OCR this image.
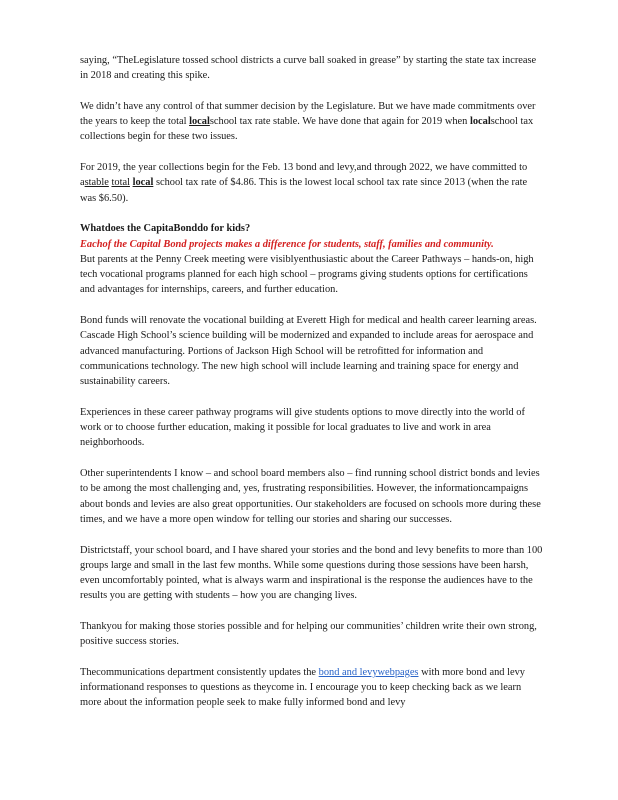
saying, “TheLegislature tossed school districts a curve ball soaked in grease” by starting the state tax increase in 2018 and creating this spike.

We didn’t have any control of that summer decision by the Legislature. But we have made commitments over the years to keep the total localschool tax rate stable. We have done that again for 2019 when localschool tax collections begin for these two issues.

For 2019, the year collections begin for the Feb. 13 bond and levy,and through 2022, we have committed to astable total local school tax rate of $4.86. This is the lowest local school tax rate since 2013 (when the rate was $6.50).

Whatdoes the CapitaBonddo for kids?
Eachof the Capital Bond projects makes a difference for students, staff, families and community.

But parents at the Penny Creek meeting were visiblyenthusiastic about the Career Pathways – hands-on, high tech vocational programs planned for each high school – programs giving students options for certifications and advantages for internships, careers, and further education.

Bond funds will renovate the vocational building at Everett High for medical and health career learning areas. Cascade High School’s science building will be modernized and expanded to include areas for aerospace and advanced manufacturing. Portions of Jackson High School will be retrofitted for information and communications technology. The new high school will include learning and training space for energy and sustainability careers.

Experiences in these career pathway programs will give students options to move directly into the world of work or to choose further education, making it possible for local graduates to live and work in area neighborhoods.

Other superintendents I know – and school board members also – find running school district bonds and levies to be among the most challenging and, yes, frustrating responsibilities. However, the informationcampaigns about bonds and levies are also great opportunities. Our stakeholders are focused on schools more during these times, and we have a more open window for telling our stories and sharing our successes.

Districtstaff, your school board, and I have shared your stories and the bond and levy benefits to more than 100 groups large and small in the last few months. While some questions during those sessions have been harsh, even uncomfortably pointed, what is always warm and inspirational is the response the audiences have to the results you are getting with students – how you are changing lives.

Thankyou for making those stories possible and for helping our communities’ children write their own strong, positive success stories.

Thecommunications department consistently updates the bond and levywebpages with more bond and levy informationand responses to questions as theycome in. I encourage you to keep checking back as we learn more about the information people seek to make fully informed bond and levy
